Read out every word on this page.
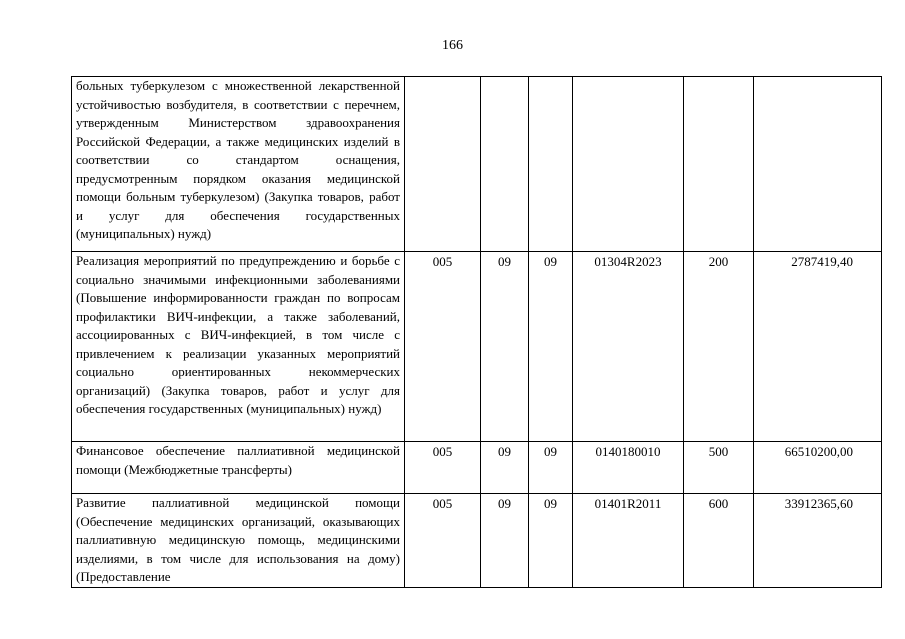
166
больных туберкулезом с множественной лекарственной устойчивостью возбудителя, в соответствии с перечнем, утвержденным Министерством здравоохранения Российской Федерации, а также медицинских изделий в соответствии со стандартом оснащения, предусмотренным порядком оказания медицинской помощи больным туберкулезом) (Закупка товаров, работ и услуг для обеспечения государственных (муниципальных) нужд)						
Реализация мероприятий по предупреждению и борьбе с социально значимыми инфекционными заболеваниями (Повышение информированности граждан по вопросам профилактики ВИЧ-инфекции, а также заболеваний, ассоциированных с ВИЧ-инфекцией, в том числе с привлечением к реализации указанных мероприятий социально ориентированных некоммерческих организаций) (Закупка товаров, работ и услуг для обеспечения государственных (муниципальных) нужд)	005	09	09	01304R2023	200	2787419,40
Финансовое обеспечение паллиативной медицинской помощи (Межбюджетные трансферты)	005	09	09	0140180010	500	66510200,00
Развитие паллиативной медицинской помощи (Обеспечение медицинских организаций, оказывающих паллиативную медицинскую помощь, медицинскими изделиями, в том числе для использования на дому) (Предоставление	005	09	09	01401R2011	600	33912365,60
